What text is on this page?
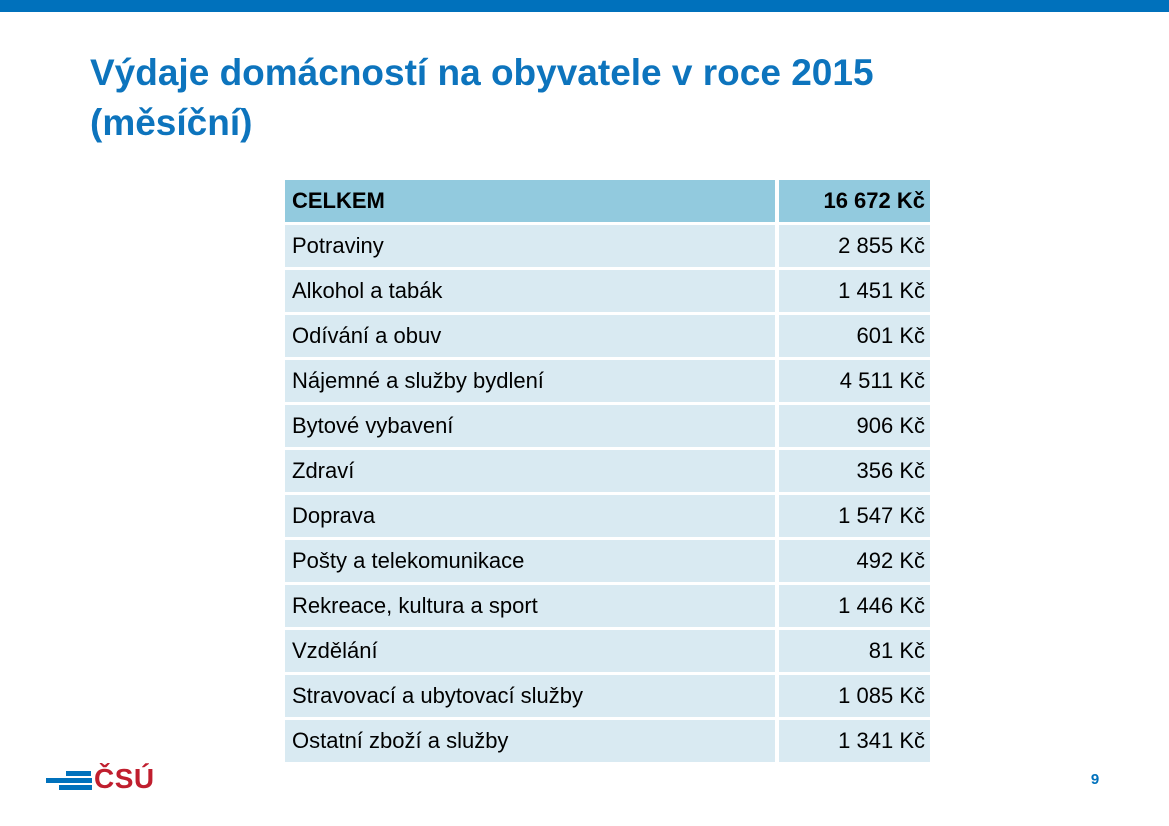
Výdaje domácností na obyvatele v roce 2015
(měsíční)
CELKEM	16 672 Kč
Potraviny	2 855 Kč
Alkohol a tabák	1 451 Kč
Odívání a obuv	601 Kč
Nájemné a služby bydlení	4 511 Kč
Bytové vybavení	906 Kč
Zdraví	356 Kč
Doprava	1 547 Kč
Pošty a telekomunikace	492 Kč
Rekreace, kultura a sport	1 446 Kč
Vzdělání	81 Kč
Stravovací a ubytovací služby	1 085 Kč
Ostatní zboží a služby	1 341 Kč
ČSÚ	9
